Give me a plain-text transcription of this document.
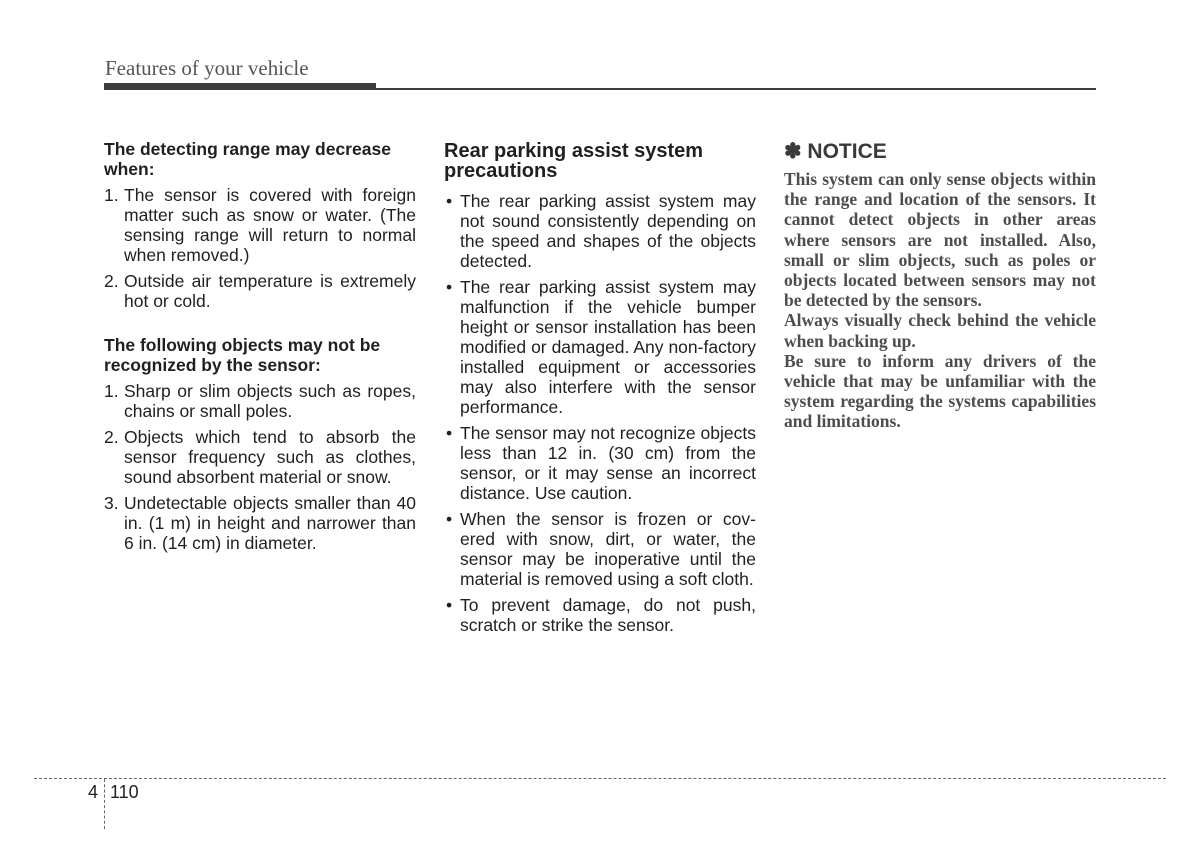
Features of your vehicle
The detecting range may decrease when:
1. The sensor is covered with foreign matter such as snow or water. (The sensing range will return to normal when removed.)
2. Outside air temperature is extremely hot or cold.
The following objects may not be recognized by the sensor:
1. Sharp or slim objects such as ropes, chains or small poles.
2. Objects which tend to absorb the sensor frequency such as clothes, sound absorbent material or snow.
3. Undetectable objects smaller than 40 in. (1 m) in height and narrower than 6 in. (14 cm) in diameter.
Rear parking assist system precautions
• The rear parking assist system may not sound consistently depending on the speed and shapes of the objects detected.
• The rear parking assist system may malfunction if the vehicle bumper height or sensor installation has been modified or damaged. Any non-factory installed equipment or accessories may also interfere with the sensor performance.
• The sensor may not recognize objects less than 12 in. (30 cm) from the sensor, or it may sense an incorrect distance. Use caution.
• When the sensor is frozen or cov-ered with snow, dirt, or water, the sensor may be inoperative until the material is removed using a soft cloth.
• To prevent damage, do not push, scratch or strike the sensor.
✽ NOTICE

This system can only sense objects within the range and location of the sensors. It cannot detect objects in other areas where sensors are not installed. Also, small or slim objects, such as poles or objects located between sensors may not be detected by the sensors.

Always visually check behind the vehicle when backing up.

Be sure to inform any drivers of the vehicle that may be unfamiliar with the system regarding the systems capabilities and limitations.

4 110
